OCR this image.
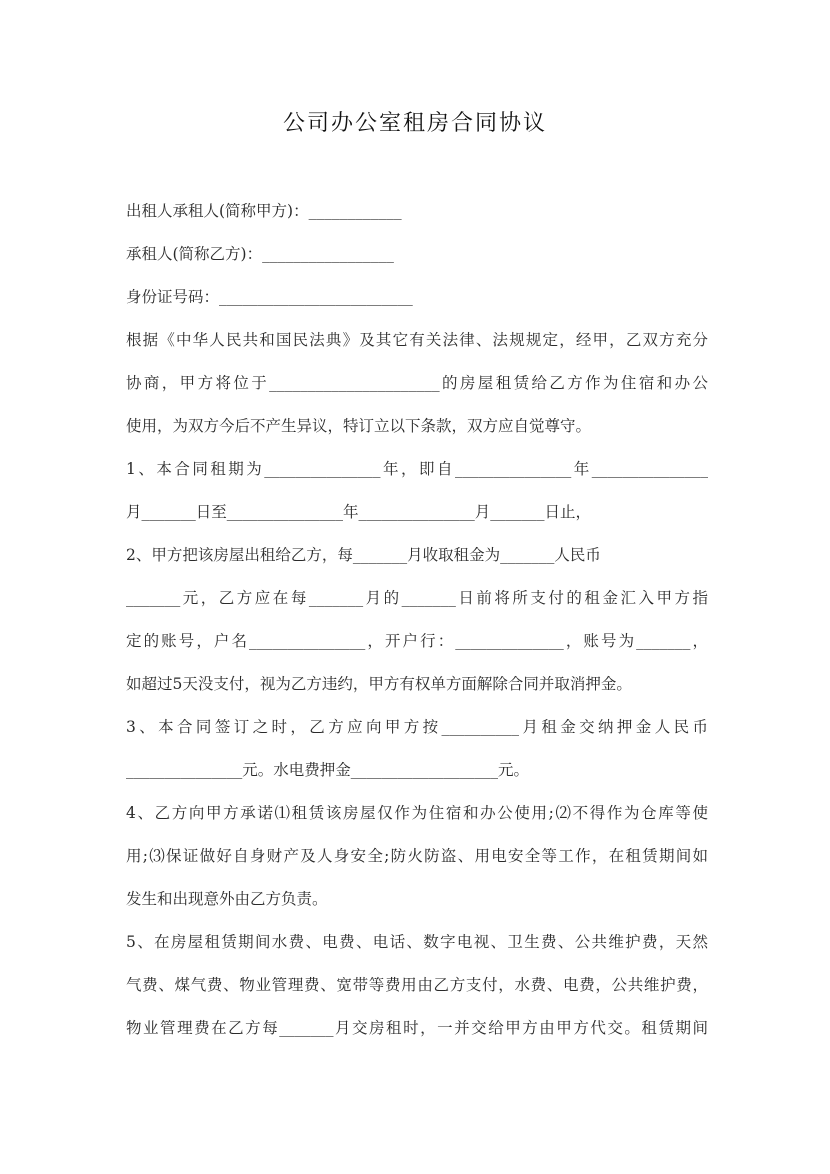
公司办公室租房合同协议
出租人承租人(简称甲方)：____________
承租人(简称乙方)：_________________
身份证号码：_________________________
根据《中华人民共和国民法典》及其它有关法律、法规规定，经甲，乙双方充分
协商，甲方将位于______________________的房屋租赁给乙方作为住宿和办公
使用，为双方今后不产生异议，特订立以下条款，双方应自觉尊守。
1、本合同租期为_______________年，即自_______________年_______________
月_______日至_______________年_______________月_______日止，
2、甲方把该房屋出租给乙方，每_______月收取租金为_______人民币
_______元，乙方应在每_______月的_______日前将所支付的租金汇入甲方指
定的账号，户名_______________，开户行：______________，账号为_______，
如超过5天没支付，视为乙方违约，甲方有权单方面解除合同并取消押金。
3、本合同签订之时，乙方应向甲方按__________月租金交纳押金人民币
_______________元。水电费押金___________________元。
4、乙方向甲方承诺⑴租赁该房屋仅作为住宿和办公使用;⑵不得作为仓库等使
用;⑶保证做好自身财产及人身安全;防火防盗、用电安全等工作，在租赁期间如
发生和出现意外由乙方负责。
5、在房屋租赁期间水费、电费、电话、数字电视、卫生费、公共维护费，天然
气费、煤气费、物业管理费、宽带等费用由乙方支付，水费、电费，公共维护费，
物业管理费在乙方每_______月交房租时，一并交给甲方由甲方代交。租赁期间
